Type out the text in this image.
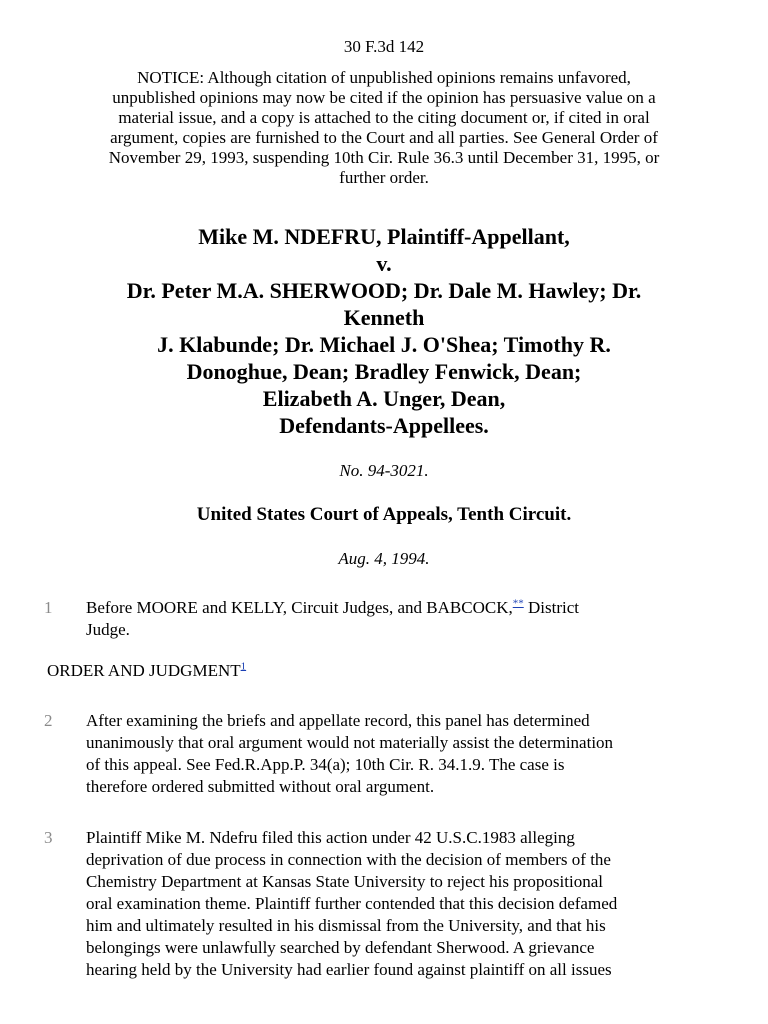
30 F.3d 142
NOTICE: Although citation of unpublished opinions remains unfavored,
unpublished opinions may now be cited if the opinion has persuasive value on a
material issue, and a copy is attached to the citing document or, if cited in oral
argument, copies are furnished to the Court and all parties. See General Order of
November 29, 1993, suspending 10th Cir. Rule 36.3 until December 31, 1995, or
further order.
Mike M. NDEFRU, Plaintiff-Appellant,
v.
Dr. Peter M.A. SHERWOOD; Dr. Dale M. Hawley; Dr.
Kenneth
J. Klabunde; Dr. Michael J. O'Shea; Timothy R.
Donoghue, Dean; Bradley Fenwick, Dean;
Elizabeth A. Unger, Dean,
Defendants-Appellees.
No. 94-3021.
United States Court of Appeals, Tenth Circuit.
Aug. 4, 1994.
1 Before MOORE and KELLY, Circuit Judges, and BABCOCK,** District
Judge.
ORDER AND JUDGMENT$^1$
2 After examining the briefs and appellate record, this panel has determined
unanimously that oral argument would not materially assist the determination
of this appeal. See Fed.R.App.P. 34(a); 10th Cir. R. 34.1.9. The case is
therefore ordered submitted without oral argument.
3 Plaintiff Mike M. Ndefru filed this action under 42 U.S.C.1983 alleging
deprivation of due process in connection with the decision of members of the
Chemistry Department at Kansas State University to reject his propositional
oral examination theme. Plaintiff further contended that this decision defamed
him and ultimately resulted in his dismissal from the University, and that his
belongings were unlawfully searched by defendant Sherwood. A grievance
hearing held by the University had earlier found against plaintiff on all issues
